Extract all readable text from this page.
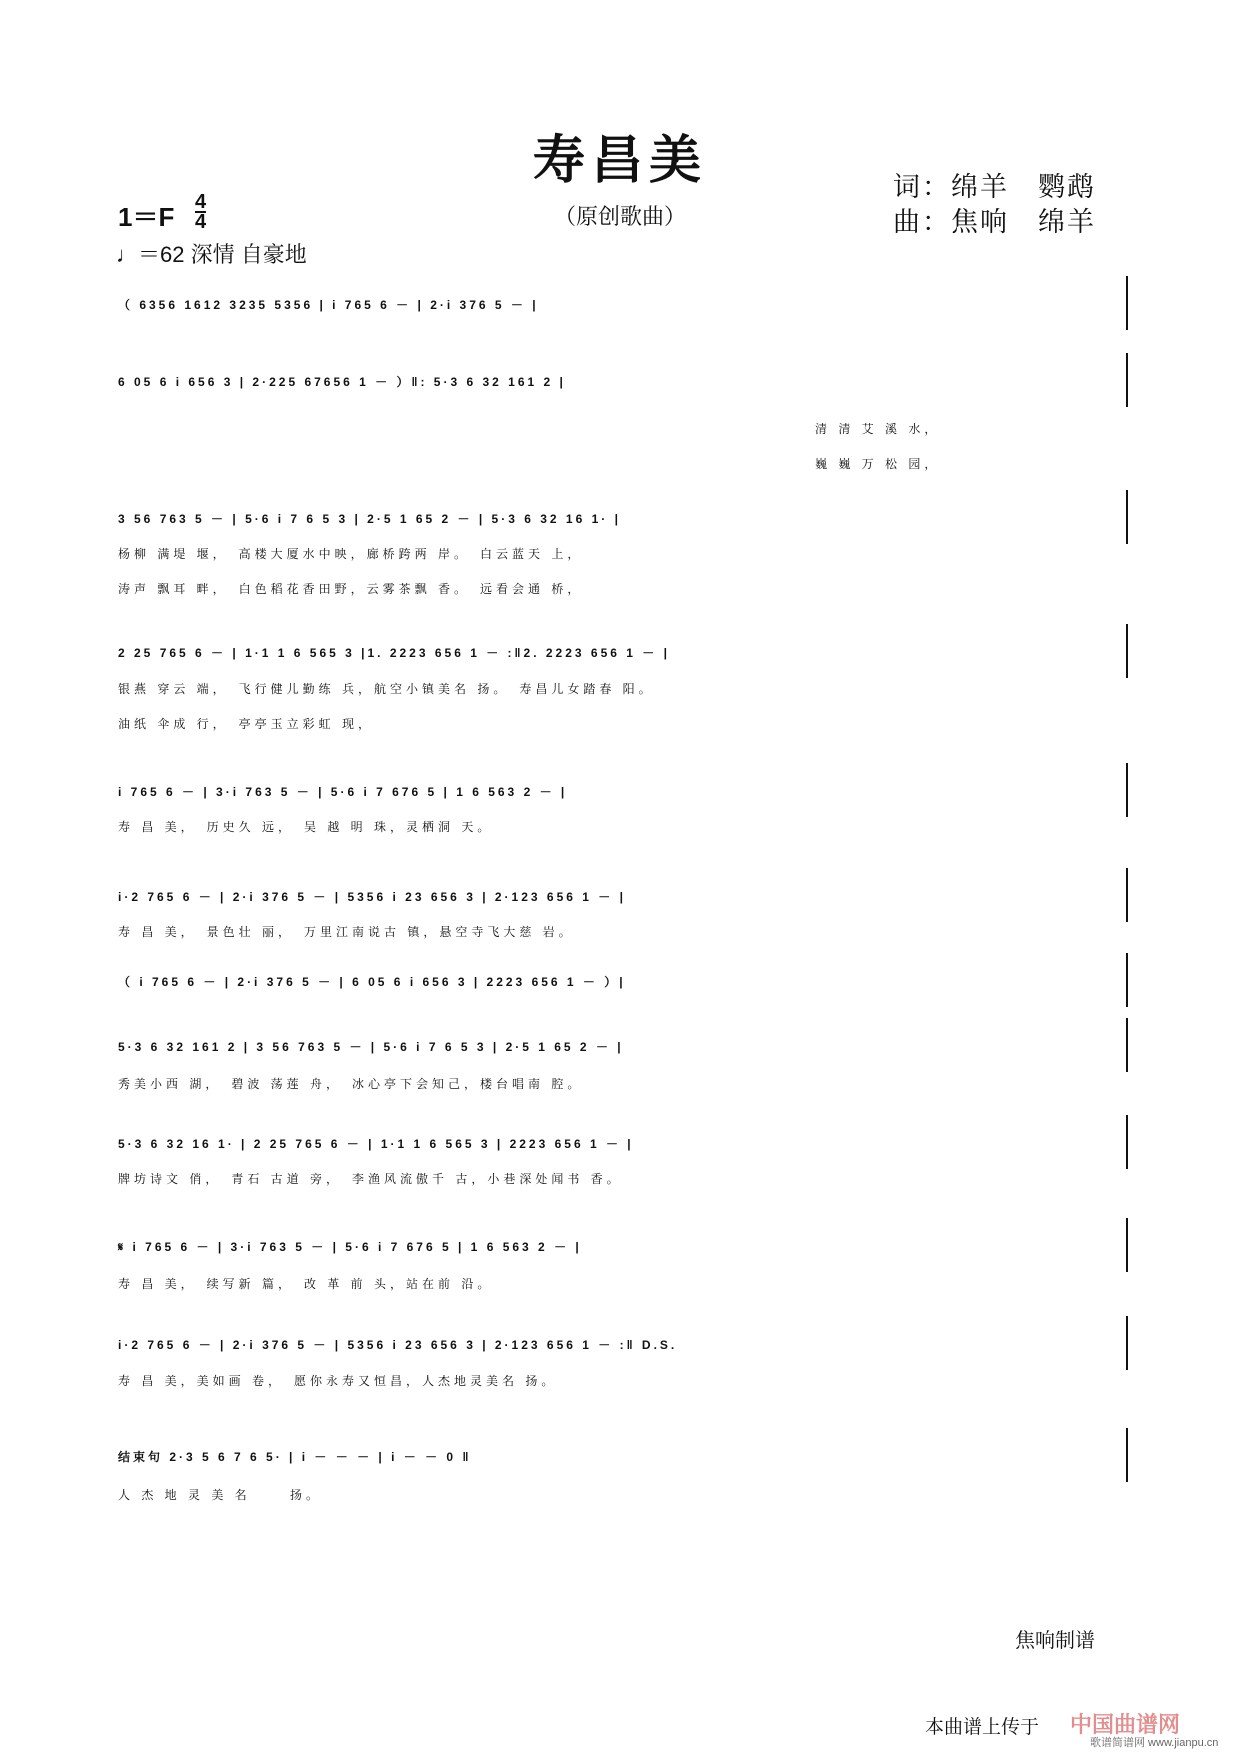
寿昌美
（原创歌曲）
词：绵羊　鹦鹉
曲：焦响　绵羊
1＝F 4
4
♩＝62 深情 自豪地
（ 6356 1612 3235 5356 | i 765 6 － | 2·i 376 5 － |
6 05 6 i 656 3 | 2·225 67656 1 － ）‖: 5·3 6 32 161 2 |
清 清 艾 溪 水，
巍 巍 万 松 园，
3 56 763 5 － | 5·6 i 7 6 5 3 | 2·5 1 65 2 － | 5·3 6 32 16 1· |
杨柳 满堤 堰，　高楼大厦水中映，廊桥跨两 岸。　白云蓝天 上，
涛声 飘耳 畔，　白色稻花香田野，云雾茶飘 香。　远看会通 桥，
2 25 765 6 － | 1·1 1 6 565 3 |1. 2223 656 1 － :‖2. 2223 656 1 － |
银燕 穿云 端，　飞行健儿勤练 兵，航空小镇美名 扬。　寿昌儿女踏春 阳。
油纸 伞成 行，　亭亭玉立彩虹 现，
i 765 6 － | 3·i 763 5 － | 5·6 i 7 676 5 | 1 6 563 2 － |
寿 昌 美，　历史久 远，　吴 越 明 珠，灵栖洞 天。
i·2 765 6 － | 2·i 376 5 － | 5356 i 23 656 3 | 2·123 656 1 － |
寿 昌 美，　景色壮 丽，　万里江南说古 镇，悬空寺飞大慈 岩。
（ i 765 6 － | 2·i 376 5 － | 6 05 6 i 656 3 | 2223 656 1 － ）|
5·3 6 32 161 2 | 3 56 763 5 － | 5·6 i 7 6 5 3 | 2·5 1 65 2 － |
秀美小西 湖，　碧波 荡莲 舟，　冰心亭下会知己，楼台唱南 腔。
5·3 6 32 16 1· | 2 25 765 6 － | 1·1 1 6 565 3 | 2223 656 1 － |
牌坊诗文 俏，　青石 古道 旁，　李渔风流傲千 古，小巷深处闻书 香。
𝄋 i 765 6 － | 3·i 763 5 － | 5·6 i 7 676 5 | 1 6 563 2 － |
寿 昌 美，　续写新 篇，　改 革 前 头，站在前 沿。
i·2 765 6 － | 2·i 376 5 － | 5356 i 23 656 3 | 2·123 656 1 － :‖ D.S.
寿 昌 美，美如画 卷，　愿你永寿又恒昌，人杰地灵美名 扬。
结束句 2·3 5 6 7 6 5· | i － － － | i － － 0 ‖
人 杰 地 灵 美 名 　　扬。
焦响制谱
本曲谱上传于 中国曲谱网
歌谱简谱网 www.jianpu.cn
